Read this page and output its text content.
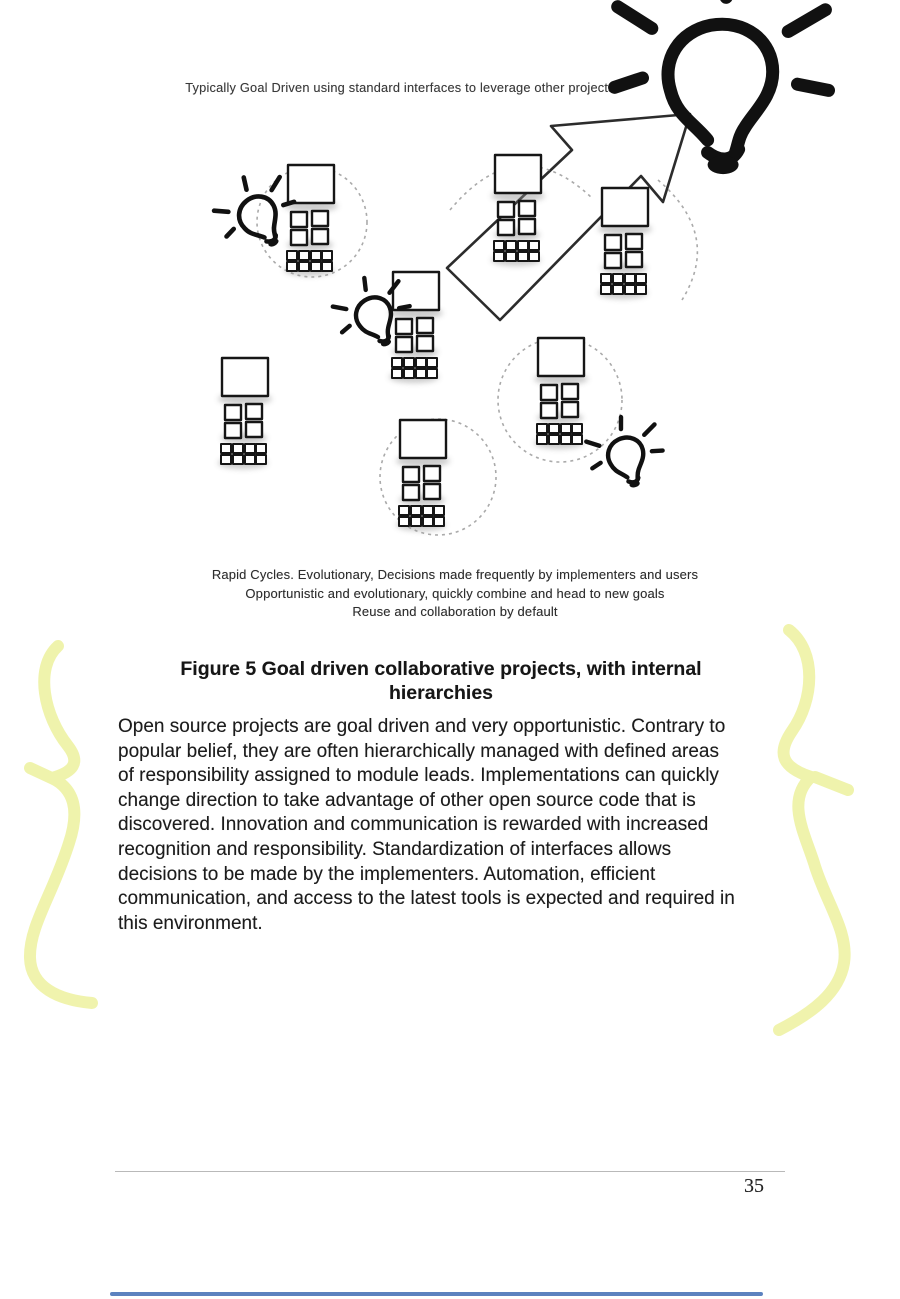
Typically Goal Driven using standard interfaces to leverage other projects
Rapid Cycles. Evolutionary, Decisions made frequently by implementers and users
Opportunistic and evolutionary, quickly combine and head to new goals
Reuse and collaboration by default
Figure 5 Goal driven collaborative projects, with internal hierarchies
Open source projects are goal driven and very opportunistic. Contrary to popular belief, they are often hierarchically managed with defined areas of responsibility assigned to module leads. Implementations can quickly change direction to take advantage of other open source code that is discovered. Innovation and communication is rewarded with increased recognition and responsibility. Standardization of interfaces allows decisions to be made by the implementers. Automation, efficient communication, and access to the latest tools is expected and required in this environment.
35
